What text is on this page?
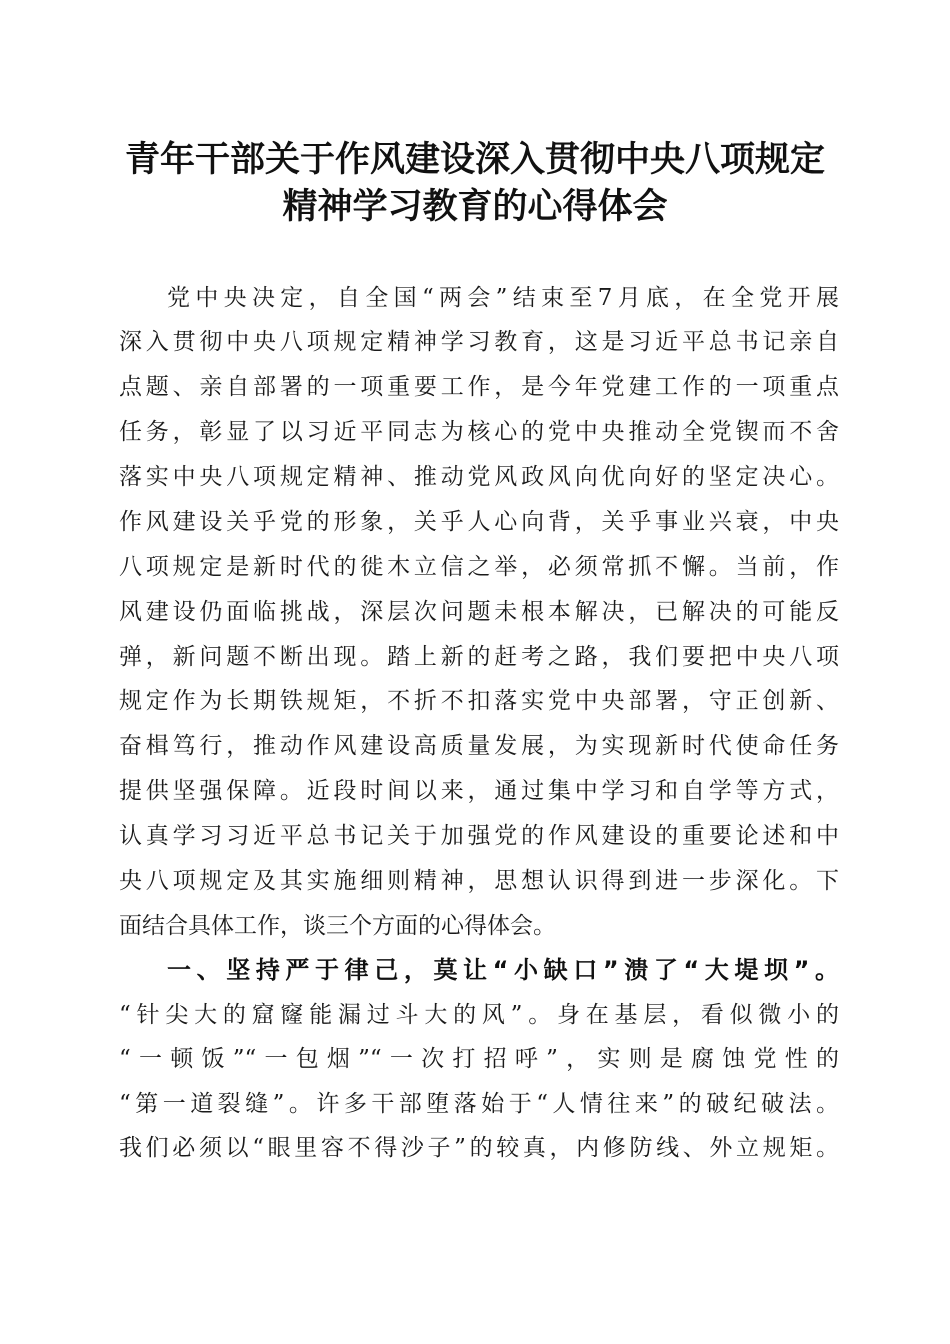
青年干部关于作风建设深入贯彻中央八项规定
精神学习教育的心得体会
党中央决定，自全国“两会”结束至7月底，在全党开展
深入贯彻中央八项规定精神学习教育，这是习近平总书记亲自
点题、亲自部署的一项重要工作，是今年党建工作的一项重点
任务，彰显了以习近平同志为核心的党中央推动全党锲而不舍
落实中央八项规定精神、推动党风政风向优向好的坚定决心。
作风建设关乎党的形象，关乎人心向背，关乎事业兴衰，中央
八项规定是新时代的徙木立信之举，必须常抓不懈。当前，作
风建设仍面临挑战，深层次问题未根本解决，已解决的可能反
弹，新问题不断出现。踏上新的赶考之路，我们要把中央八项
规定作为长期铁规矩，不折不扣落实党中央部署，守正创新、
奋楫笃行，推动作风建设高质量发展，为实现新时代使命任务
提供坚强保障。近段时间以来，通过集中学习和自学等方式，
认真学习习近平总书记关于加强党的作风建设的重要论述和中
央八项规定及其实施细则精神，思想认识得到进一步深化。下
面结合具体工作，谈三个方面的心得体会。
一、坚持严于律己，莫让“小缺口”溃了“大堤坝”。
“针尖大的窟窿能漏过斗大的风”。身在基层，看似微小的
“一顿饭”“一包烟”“一次打招呼”，实则是腐蚀党性的
“第一道裂缝”。许多干部堕落始于“人情往来”的破纪破法。
我们必须以“眼里容不得沙子”的较真，内修防线、外立规矩。
